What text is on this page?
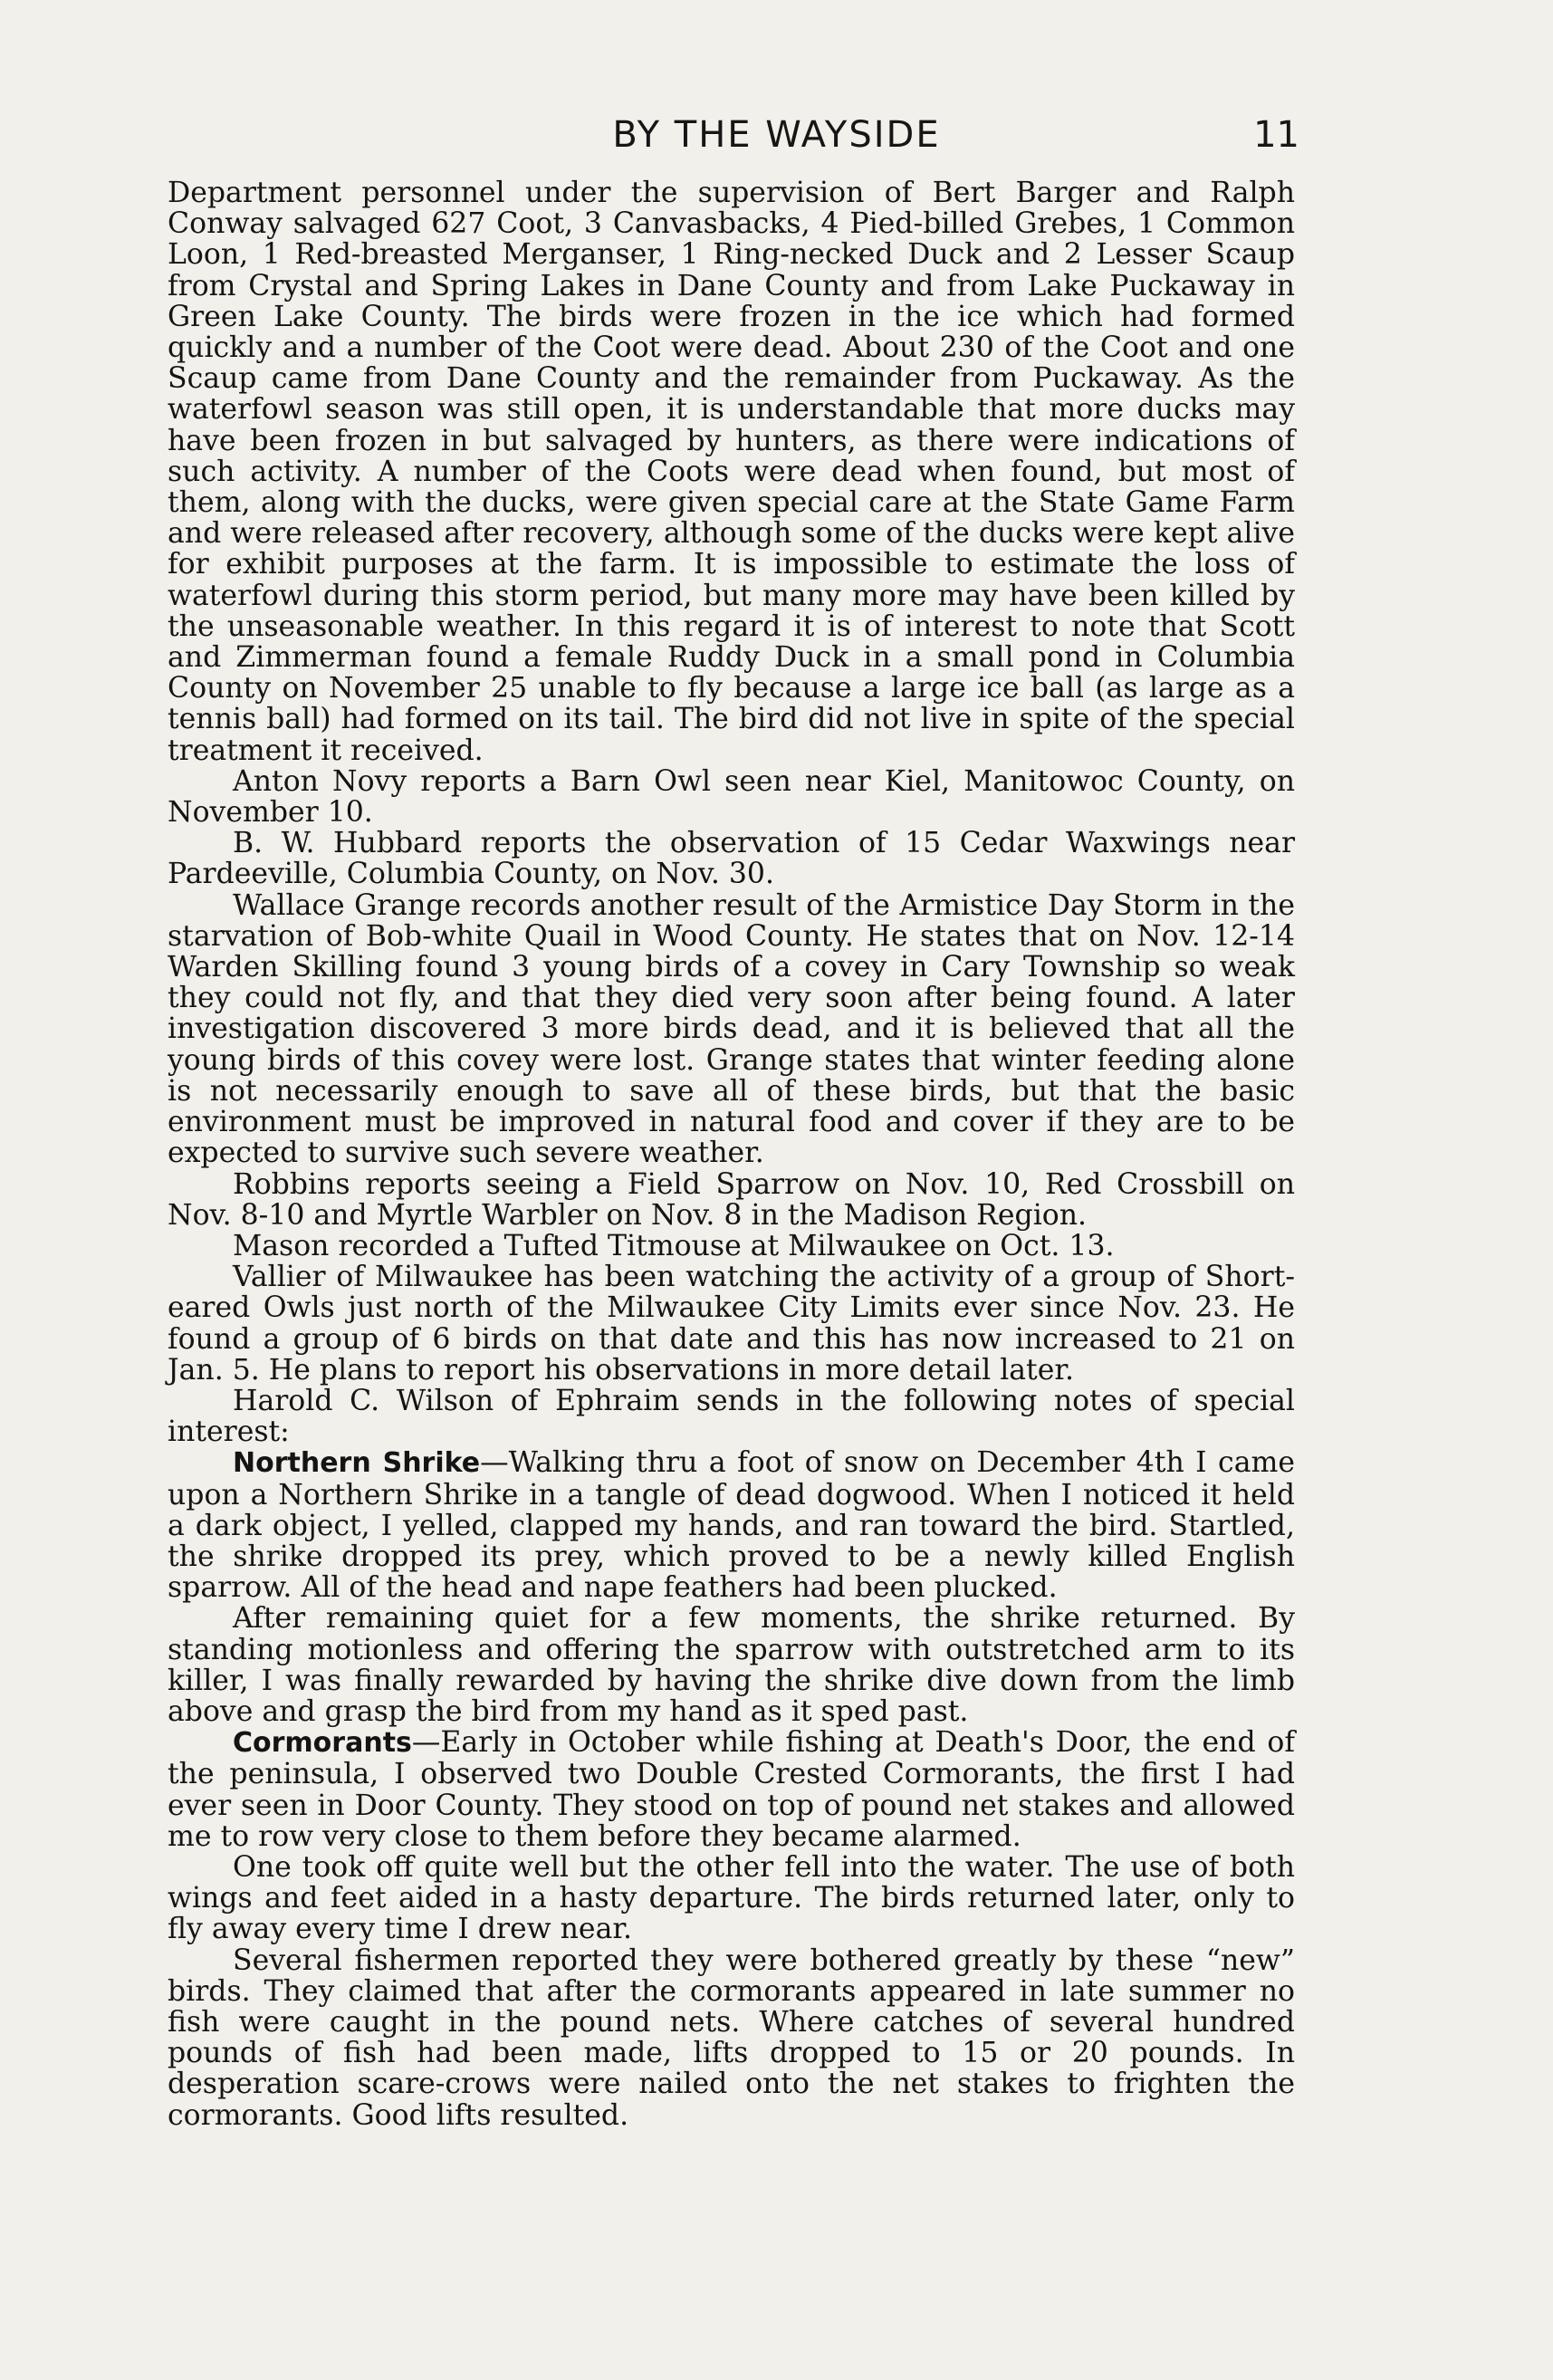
BY THE WAYSIDE	11

Department personnel under the supervision of Bert Barger and Ralph Conway salvaged 627 Coot, 3 Canvasbacks, 4 Pied-billed Grebes, 1 Common Loon, 1 Red-breasted Merganser, 1 Ring-necked Duck and 2 Lesser Scaup from Crystal and Spring Lakes in Dane County and from Lake Puckaway in Green Lake County. The birds were frozen in the ice which had formed quickly and a number of the Coot were dead. About 230 of the Coot and one Scaup came from Dane County and the remainder from Puckaway. As the waterfowl season was still open, it is understandable that more ducks may have been frozen in but salvaged by hunters, as there were indications of such activity. A number of the Coots were dead when found, but most of them, along with the ducks, were given special care at the State Game Farm and were released after recovery, although some of the ducks were kept alive for exhibit purposes at the farm. It is impossible to estimate the loss of waterfowl during this storm period, but many more may have been killed by the unseasonable weather. In this regard it is of interest to note that Scott and Zimmerman found a female Ruddy Duck in a small pond in Columbia County on November 25 unable to fly because a large ice ball (as large as a tennis ball) had formed on its tail. The bird did not live in spite of the special treatment it received.

Anton Novy reports a Barn Owl seen near Kiel, Manitowoc County, on November 10.

B. W. Hubbard reports the observation of 15 Cedar Waxwings near Pardeeville, Columbia County, on Nov. 30.

Wallace Grange records another result of the Armistice Day Storm in the starvation of Bob-white Quail in Wood County. He states that on Nov. 12-14 Warden Skilling found 3 young birds of a covey in Cary Township so weak they could not fly, and that they died very soon after being found. A later investigation discovered 3 more birds dead, and it is believed that all the young birds of this covey were lost. Grange states that winter feeding alone is not necessarily enough to save all of these birds, but that the basic environment must be improved in natural food and cover if they are to be expected to survive such severe weather.

Robbins reports seeing a Field Sparrow on Nov. 10, Red Crossbill on Nov. 8-10 and Myrtle Warbler on Nov. 8 in the Madison Region.

Mason recorded a Tufted Titmouse at Milwaukee on Oct. 13.

Vallier of Milwaukee has been watching the activity of a group of Short-eared Owls just north of the Milwaukee City Limits ever since Nov. 23. He found a group of 6 birds on that date and this has now increased to 21 on Jan. 5. He plans to report his observations in more detail later.

Harold C. Wilson of Ephraim sends in the following notes of special interest:

Northern Shrike—Walking thru a foot of snow on December 4th I came upon a Northern Shrike in a tangle of dead dogwood. When I noticed it held a dark object, I yelled, clapped my hands, and ran toward the bird. Startled, the shrike dropped its prey, which proved to be a newly killed English sparrow. All of the head and nape feathers had been plucked.

After remaining quiet for a few moments, the shrike returned. By standing motionless and offering the sparrow with outstretched arm to its killer, I was finally rewarded by having the shrike dive down from the limb above and grasp the bird from my hand as it sped past.

Cormorants—Early in October while fishing at Death's Door, the end of the peninsula, I observed two Double Crested Cormorants, the first I had ever seen in Door County. They stood on top of pound net stakes and allowed me to row very close to them before they became alarmed.

One took off quite well but the other fell into the water. The use of both wings and feet aided in a hasty departure. The birds returned later, only to fly away every time I drew near.

Several fishermen reported they were bothered greatly by these “new” birds. They claimed that after the cormorants appeared in late summer no fish were caught in the pound nets. Where catches of several hundred pounds of fish had been made, lifts dropped to 15 or 20 pounds. In desperation scare-crows were nailed onto the net stakes to frighten the cormorants. Good lifts resulted.
